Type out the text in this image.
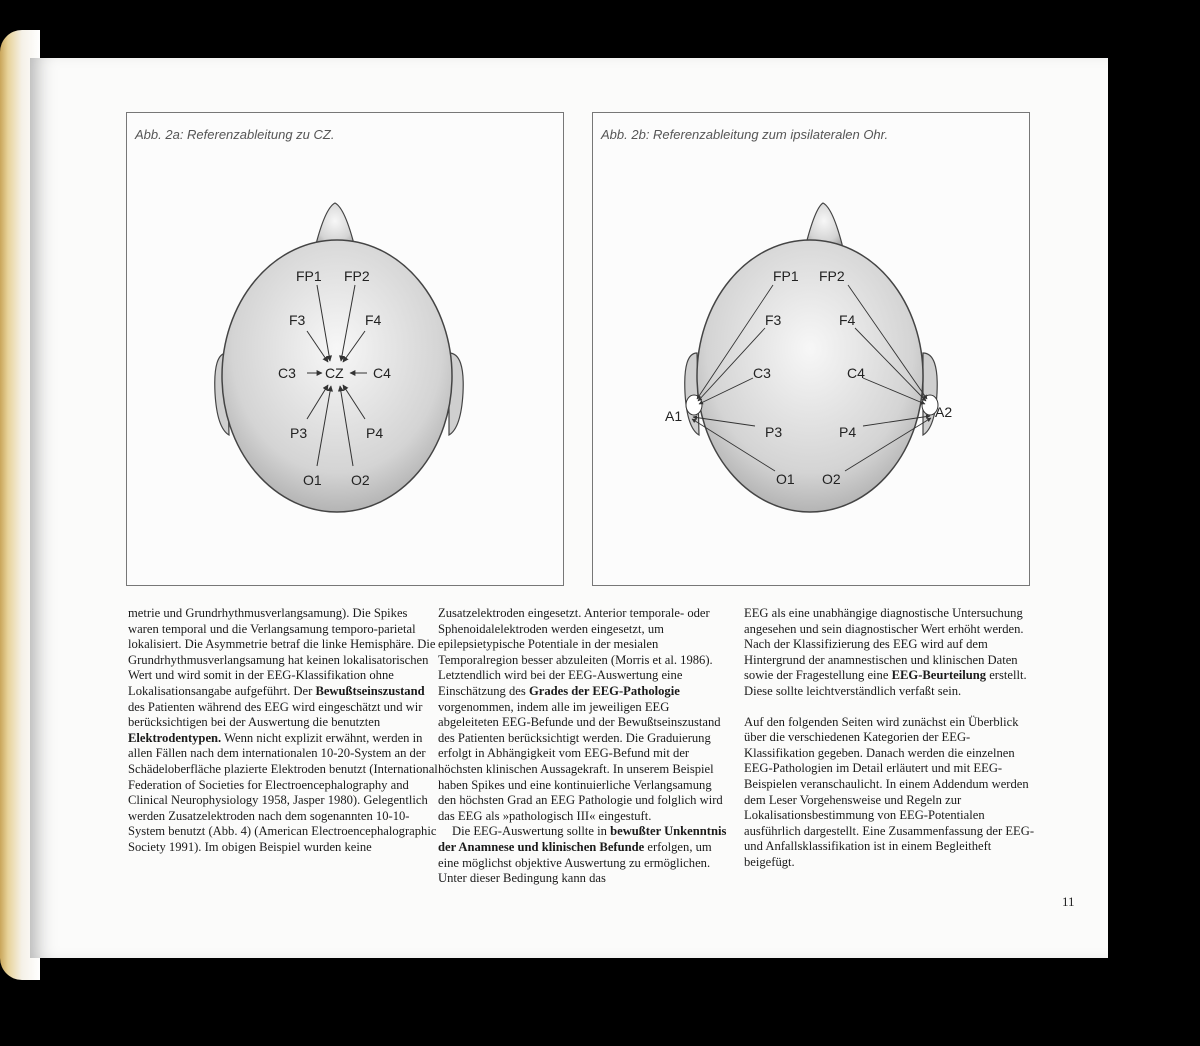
Abb. 2a: Referenzableitung zu CZ.
FP1 FP2
F3	F4
C3 CZ C4
P3	P4
O1 O2
Abb. 2b: Referenzableitung zum ipsilateralen Ohr.
FP1 FP2
F3	F4
C3	C4
P3	P4
O1 O2
A1	A2

metrie und Grundrhythmusverlangsamung). Die Spikes waren temporal und die Verlangsamung temporo-parietal lokalisiert. Die Asymmetrie betraf die linke Hemisphäre. Die Grundrhythmusverlangsamung hat keinen lokalisatorischen Wert und wird somit in der EEG-Klassifikation ohne Lokalisationsangabe aufgeführt. Der Bewußtseinszustand des Patienten während des EEG wird eingeschätzt und wir berücksichtigen bei der Auswertung die benutzten Elektrodentypen. Wenn nicht explizit erwähnt, werden in allen Fällen nach dem internationalen 10-20-System an der Schädeloberfläche plazierte Elektroden benutzt (International Federation of Societies for Electroencephalography and Clinical Neurophysiology 1958, Jasper 1980). Gelegentlich werden Zusatzelektroden nach dem sogenannten 10-10-System benutzt (Abb. 4) (American Electroencephalographic Society 1991). Im obigen Beispiel wurden keine

Zusatzelektroden eingesetzt. Anterior temporale- oder Sphenoidalelektroden werden eingesetzt, um epilepsietypische Potentiale in der mesialen Temporalregion besser abzuleiten (Morris et al. 1986). Letztendlich wird bei der EEG-Auswertung eine Einschätzung des Grades der EEG-Pathologie vorgenommen, indem alle im jeweiligen EEG abgeleiteten EEG-Befunde und der Bewußtseinszustand des Patienten berücksichtigt werden. Die Graduierung erfolgt in Abhängigkeit vom EEG-Befund mit der höchsten klinischen Aussagekraft. In unserem Beispiel haben Spikes und eine kontinuierliche Verlangsamung den höchsten Grad an EEG Pathologie und folglich wird das EEG als »pathologisch III« eingestuft.

Die EEG-Auswertung sollte in bewußter Unkenntnis der Anamnese und klinischen Befunde erfolgen, um eine möglichst objektive Auswertung zu ermöglichen. Unter dieser Bedingung kann das

EEG als eine unabhängige diagnostische Untersuchung angesehen und sein diagnostischer Wert erhöht werden. Nach der Klassifizierung des EEG wird auf dem Hintergrund der anamnestischen und klinischen Daten sowie der Fragestellung eine EEG-Beurteilung erstellt. Diese sollte leichtverständlich verfaßt sein.

Auf den folgenden Seiten wird zunächst ein Überblick über die verschiedenen Kategorien der EEG-Klassifikation gegeben. Danach werden die einzelnen EEG-Pathologien im Detail erläutert und mit EEG-Beispielen veranschaulicht. In einem Addendum werden dem Leser Vorgehensweise und Regeln zur Lokalisationsbestimmung von EEG-Potentialen ausführlich dargestellt. Eine Zusammenfassung der EEG- und Anfallsklassifikation ist in einem Begleitheft beigefügt.

11
